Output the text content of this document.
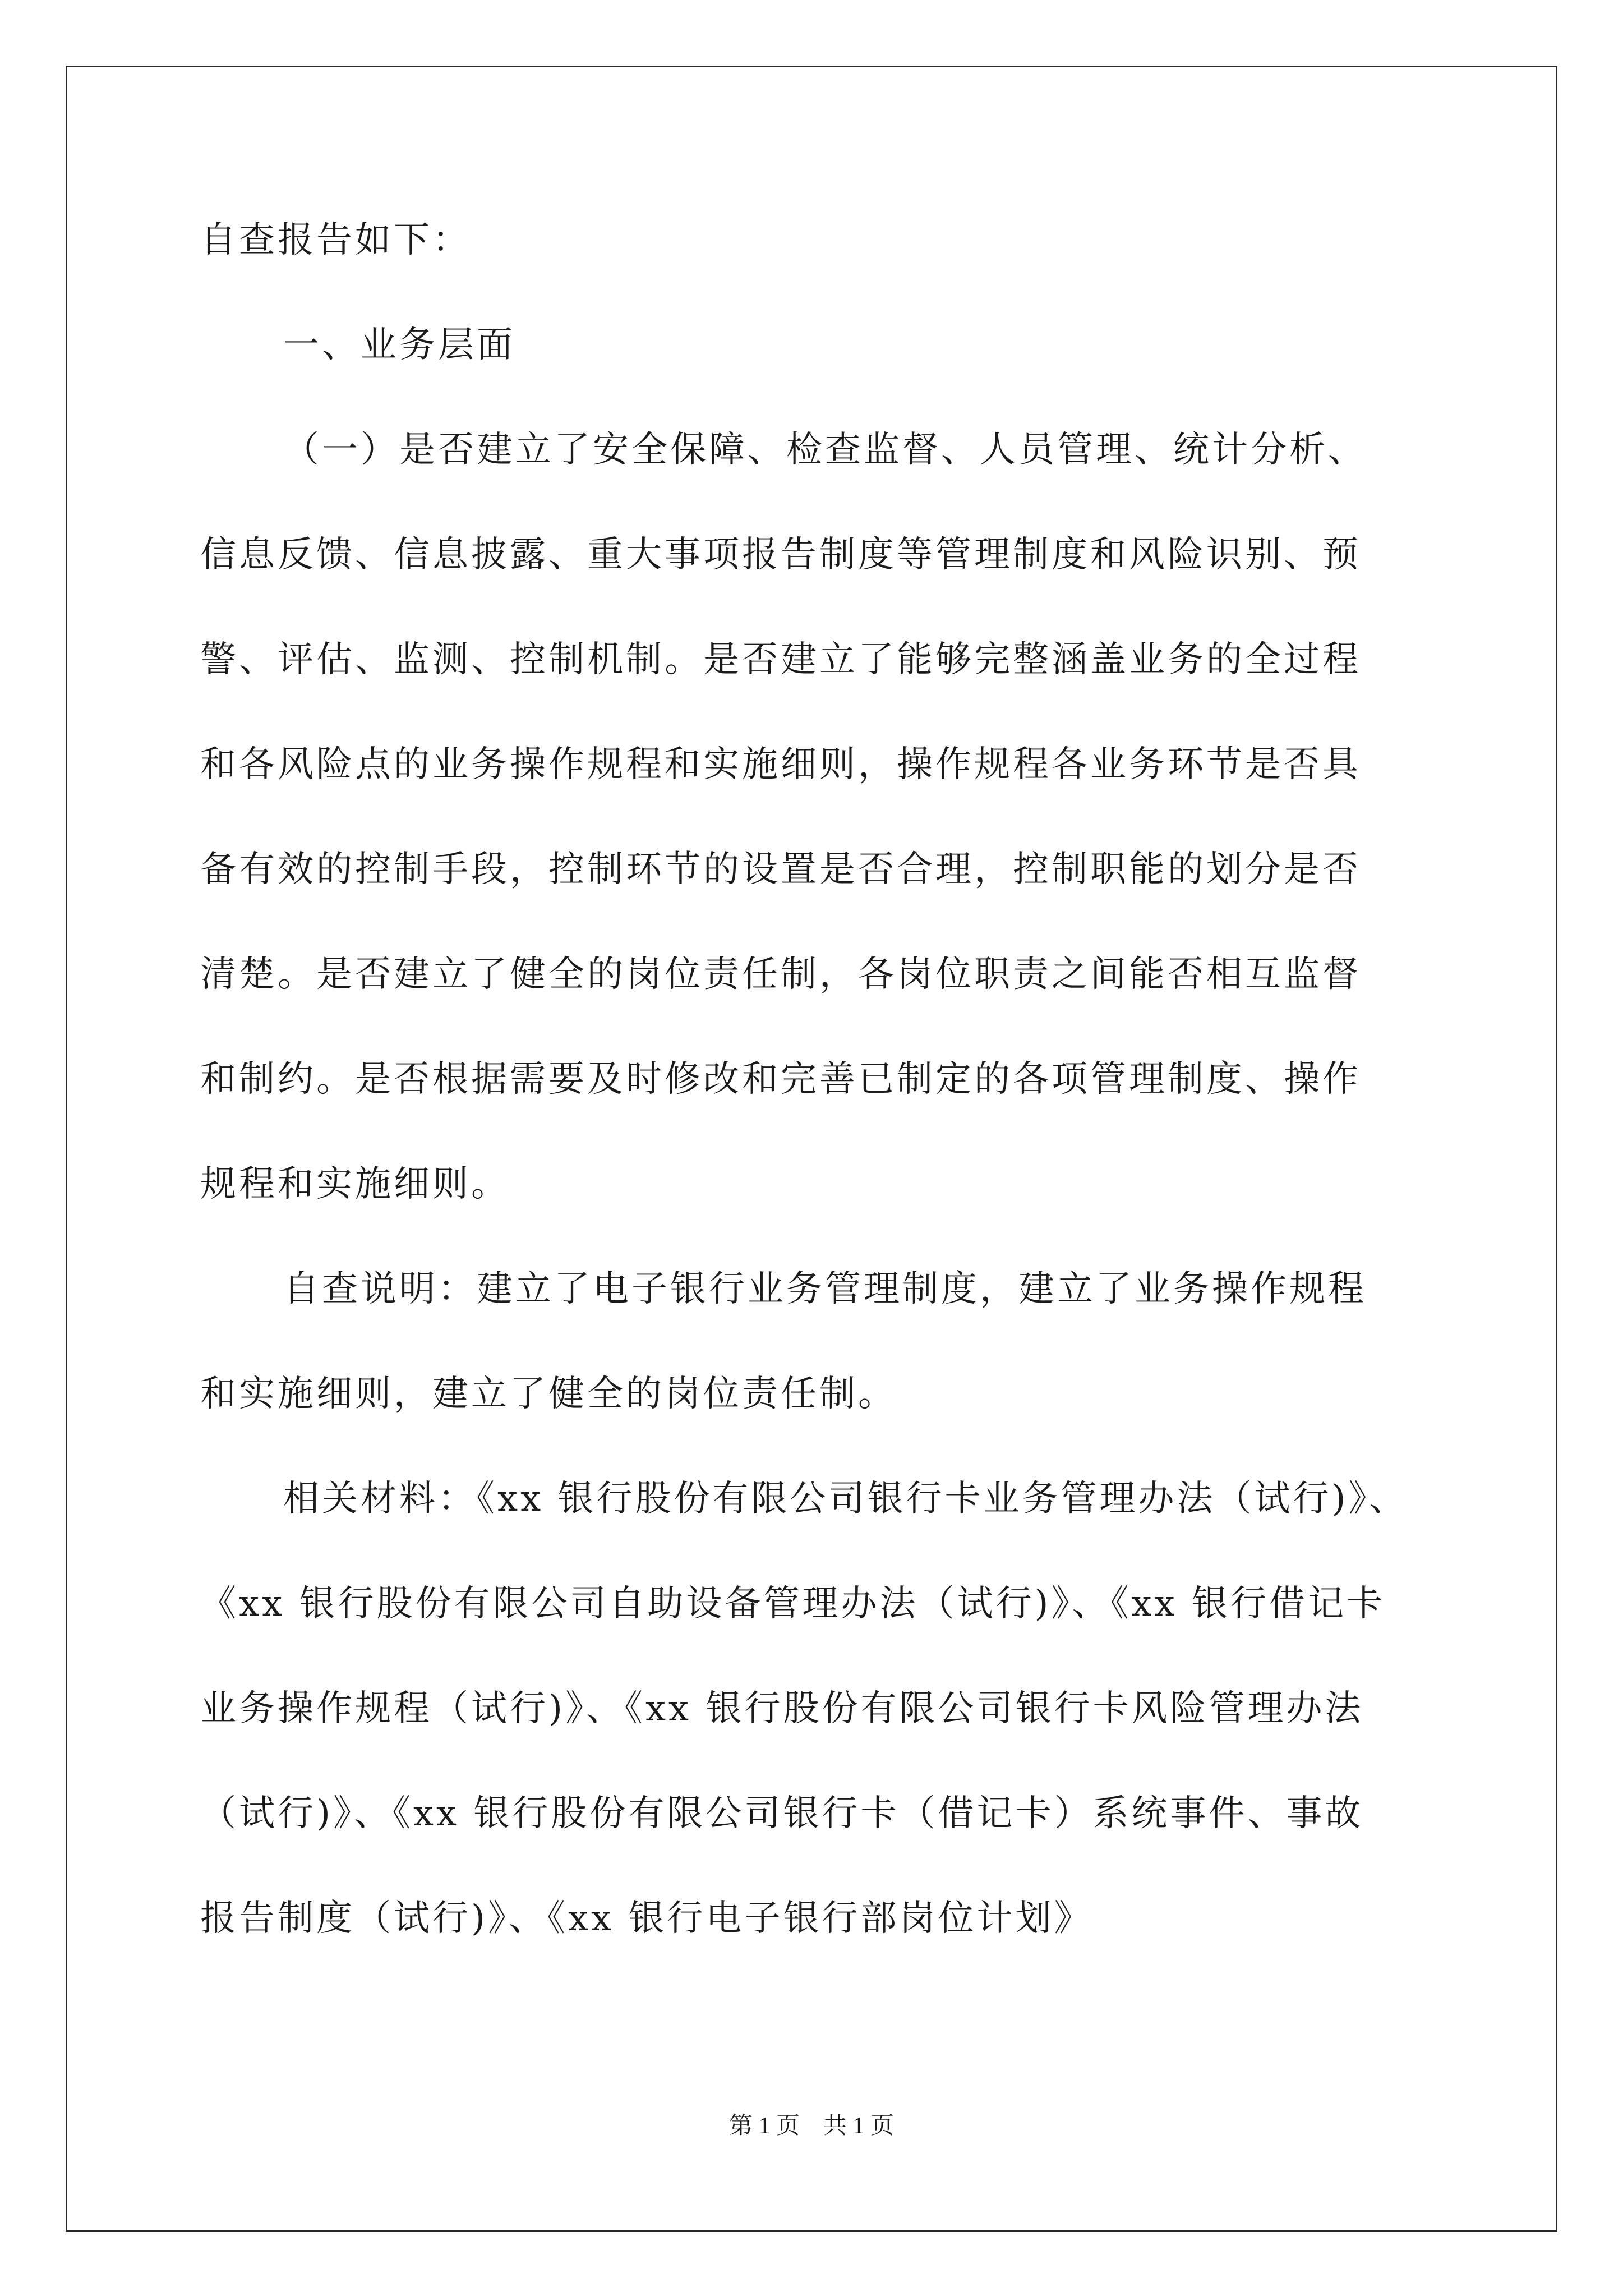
自查报告如下：
一、业务层面
（一）是否建立了安全保障、检查监督、人员管理、统计分析、
信息反馈、信息披露、重大事项报告制度等管理制度和风险识别、预
警、评估、监测、控制机制。是否建立了能够完整涵盖业务的全过程
和各风险点的业务操作规程和实施细则，操作规程各业务环节是否具
备有效的控制手段，控制环节的设置是否合理，控制职能的划分是否
清楚。是否建立了健全的岗位责任制，各岗位职责之间能否相互监督
和制约。是否根据需要及时修改和完善已制定的各项管理制度、操作
规程和实施细则。
自查说明：建立了电子银行业务管理制度，建立了业务操作规程
和实施细则，建立了健全的岗位责任制。
相关材料：《xx 银行股份有限公司银行卡业务管理办法（试行)》、
《xx 银行股份有限公司自助设备管理办法（试行)》、《xx 银行借记卡
业务操作规程（试行)》、《xx 银行股份有限公司银行卡风险管理办法
（试行)》、《xx 银行股份有限公司银行卡（借记卡）系统事件、事故
报告制度（试行)》、《xx 银行电子银行部岗位计划》
第 1 页　共 1 页
